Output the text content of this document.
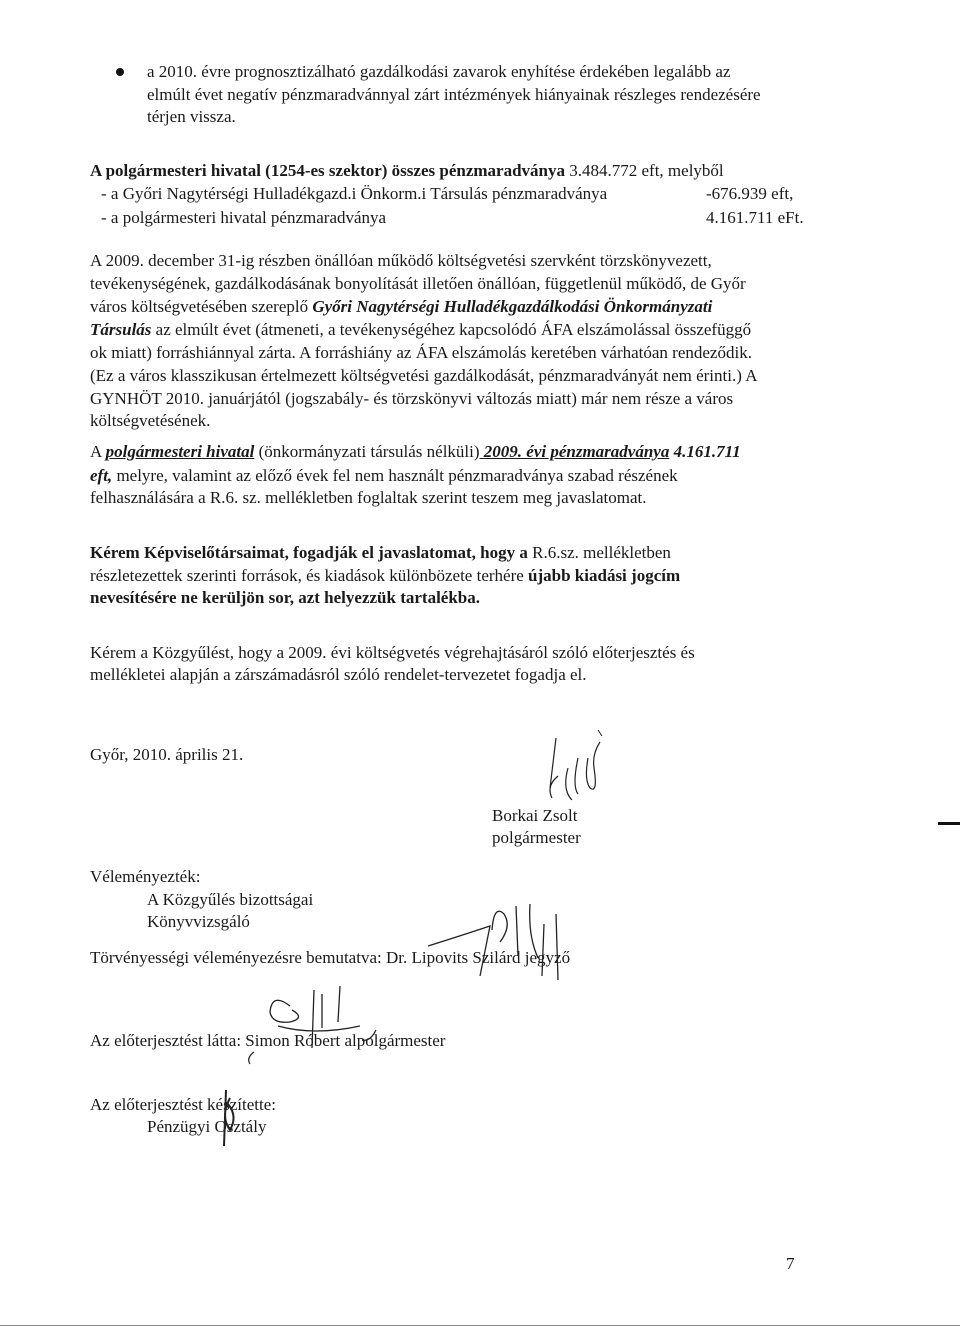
a 2010. évre prognosztizálható gazdálkodási zavarok enyhítése érdekében legalább az
elmúlt évet negatív pénzmaradvánnyal zárt intézmények hiányainak részleges rendezésére
térjen vissza.
A polgármesteri hivatal (1254-es szektor) összes pénzmaradványa 3.484.772 eft, melyből
- a Győri Nagytérségi Hulladékgazd.i Önkorm.i Társulás pénzmaradványa	-676.939 eft,
- a polgármesteri hivatal pénzmaradványa	4.161.711 eFt.
A 2009. december 31-ig részben önállóan működő költségvetési szervként törzskönyvezett,
tevékenységének, gazdálkodásának bonyolítását illetően önállóan, függetlenül működő, de Győr
város költségvetésében szereplő Győri Nagytérségi Hulladékgazdálkodási Önkormányzati
Társulás az elmúlt évet (átmeneti, a tevékenységéhez kapcsolódó ÁFA elszámolással összefüggő
ok miatt) forráshiánnyal zárta. A forráshiány az ÁFA elszámolás keretében várhatóan rendeződik.
(Ez a város klasszikusan értelmezett költségvetési gazdálkodását, pénzmaradványát nem érinti.) A
GYNHÖT 2010. januárjától (jogszabály- és törzskönyvi változás miatt) már nem része a város
költségvetésének.
A polgármesteri hivatal (önkormányzati társulás nélküli) 2009. évi pénzmaradványa 4.161.711
eft, melyre, valamint az előző évek fel nem használt pénzmaradványa szabad részének
felhasználására a R.6. sz. mellékletben foglaltak szerint teszem meg javaslatomat.
Kérem Képviselőtársaimat, fogadják el javaslatomat, hogy a R.6.sz. mellékletben
részletezettek szerinti források, és kiadások különbözete terhére újabb kiadási jogcím
nevesítésére ne kerüljön sor, azt helyezzük tartalékba.
Kérem a Közgyűlést, hogy a 2009. évi költségvetés végrehajtásáról szóló előterjesztés és
mellékletei alapján a zárszámadásról szóló rendelet-tervezetet fogadja el.
Győr, 2010. április 21.
Borkai Zsolt
polgármester
Véleményezték:
A Közgyűlés bizottságai
Könyvvizsgáló
Törvényességi véleményezésre bemutatva: Dr. Lipovits Szilárd jegyző
Az előterjesztést látta: Simon Róbert alpolgármester
Az előterjesztést készítette:
Pénzügyi Osztály
7
